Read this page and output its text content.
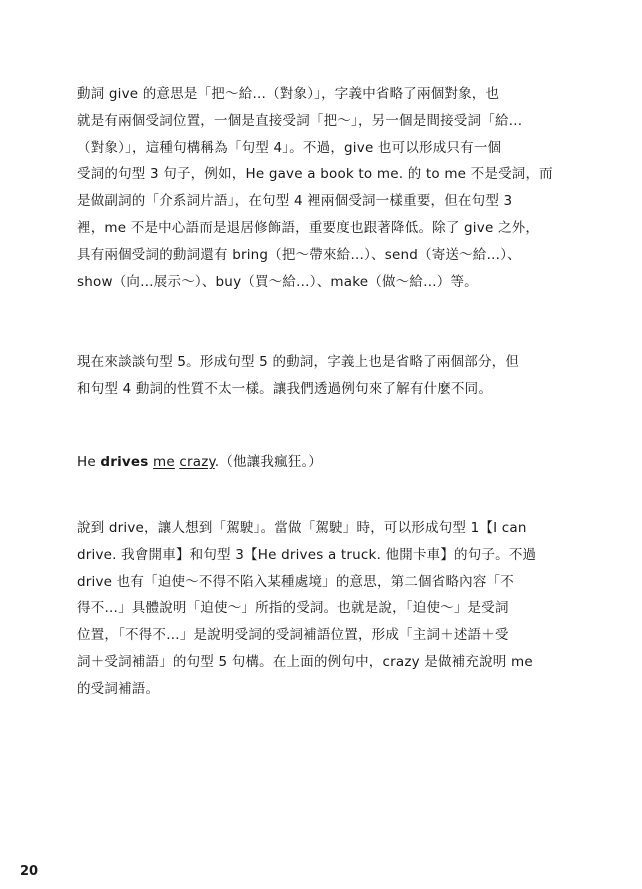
動詞 give 的意思是「把～給…（對象）」，字義中省略了兩個對象，也
就是有兩個受詞位置，一個是直接受詞「把～」，另一個是間接受詞「給…
（對象）」，這種句構稱為「句型 4」。不過，give 也可以形成只有一個
受詞的句型 3 句子，例如，He gave a book to me. 的 to me 不是受詞，而
是做副詞的「介系詞片語」，在句型 4 裡兩個受詞一樣重要，但在句型 3
裡，me 不是中心語而是退居修飾語，重要度也跟著降低。除了 give 之外，
具有兩個受詞的動詞還有 bring（把～帶來給…）、send（寄送～給…）、
show（向…展示～）、buy（買～給…）、make（做～給…）等。
現在來談談句型 5。形成句型 5 的動詞，字義上也是省略了兩個部分，但
和句型 4 動詞的性質不太一樣。讓我們透過例句來了解有什麼不同。
He drives me crazy.（他讓我瘋狂。）
說到 drive，讓人想到「駕駛」。當做「駕駛」時，可以形成句型 1【I can
drive. 我會開車】和句型 3【He drives a truck. 他開卡車】的句子。不過
drive 也有「迫使～不得不陷入某種處境」的意思，第二個省略內容「不
得不…」具體說明「迫使～」所指的受詞。也就是說，「迫使～」是受詞
位置，「不得不…」是說明受詞的受詞補語位置，形成「主詞＋述語＋受
詞＋受詞補語」的句型 5 句構。在上面的例句中，crazy 是做補充說明 me
的受詞補語。
20
